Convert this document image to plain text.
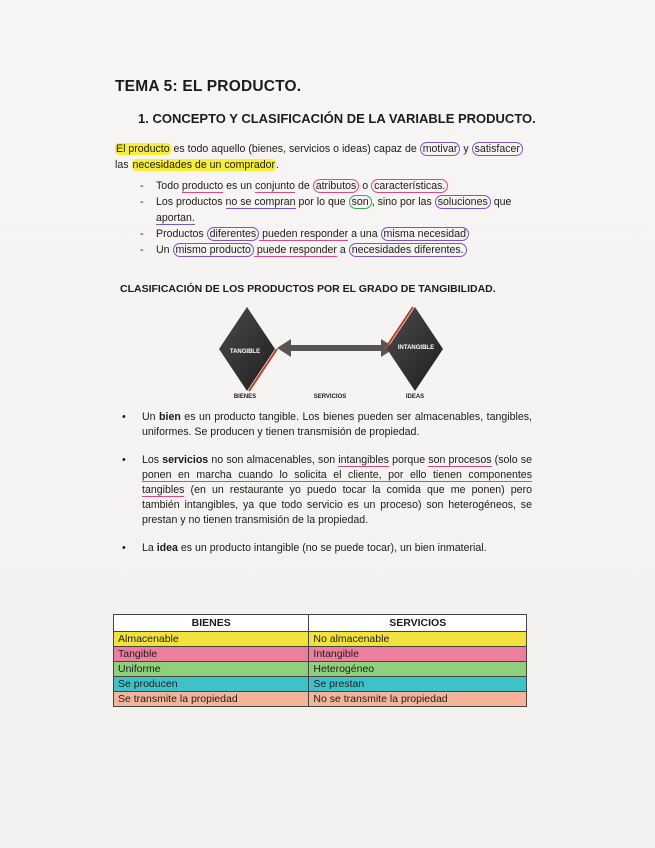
TEMA 5: EL PRODUCTO.
1. CONCEPTO Y CLASIFICACIÓN DE LA VARIABLE PRODUCTO.
El producto es todo aquello (bienes, servicios o ideas) capaz de motivar y satisfacer las necesidades de un comprador.
- Todo producto es un conjunto de atributos o características.
- Los productos no se compran por lo que son , sino por las soluciones que
aportan.
- Productos diferentes pueden responder a una misma necesidad
- Un mismo producto puede responder a necesidades diferentes.
CLASIFICACIÓN DE LOS PRODUCTOS POR EL GRADO DE TANGIBILIDAD.
TANGIBLE
INTANGIBLE
BIENES	SERVICIOS	IDEAS
• Un bien es un producto tangible. Los bienes pueden ser almacenables, tangibles, uniformes. Se producen y tienen transmisión de propiedad.
• Los servicios no son almacenables, son intangibles porque son procesos (solo se ponen en marcha cuando lo solicita el cliente, por ello tienen componentes tangibles (en un restaurante yo puedo tocar la comida que me ponen) pero también intangibles, ya que todo servicio es un proceso) son heterogéneos, se prestan y no tienen transmisión de la propiedad.
• La idea es un producto intangible (no se puede tocar), un bien inmaterial.
BIENES	SERVICIOS
Almacenable	No almacenable
Tangible	Intangible
Uniforme	Heterogéneo
Se producen	Se prestan
Se transmite la propiedad	No se transmite la propiedad
